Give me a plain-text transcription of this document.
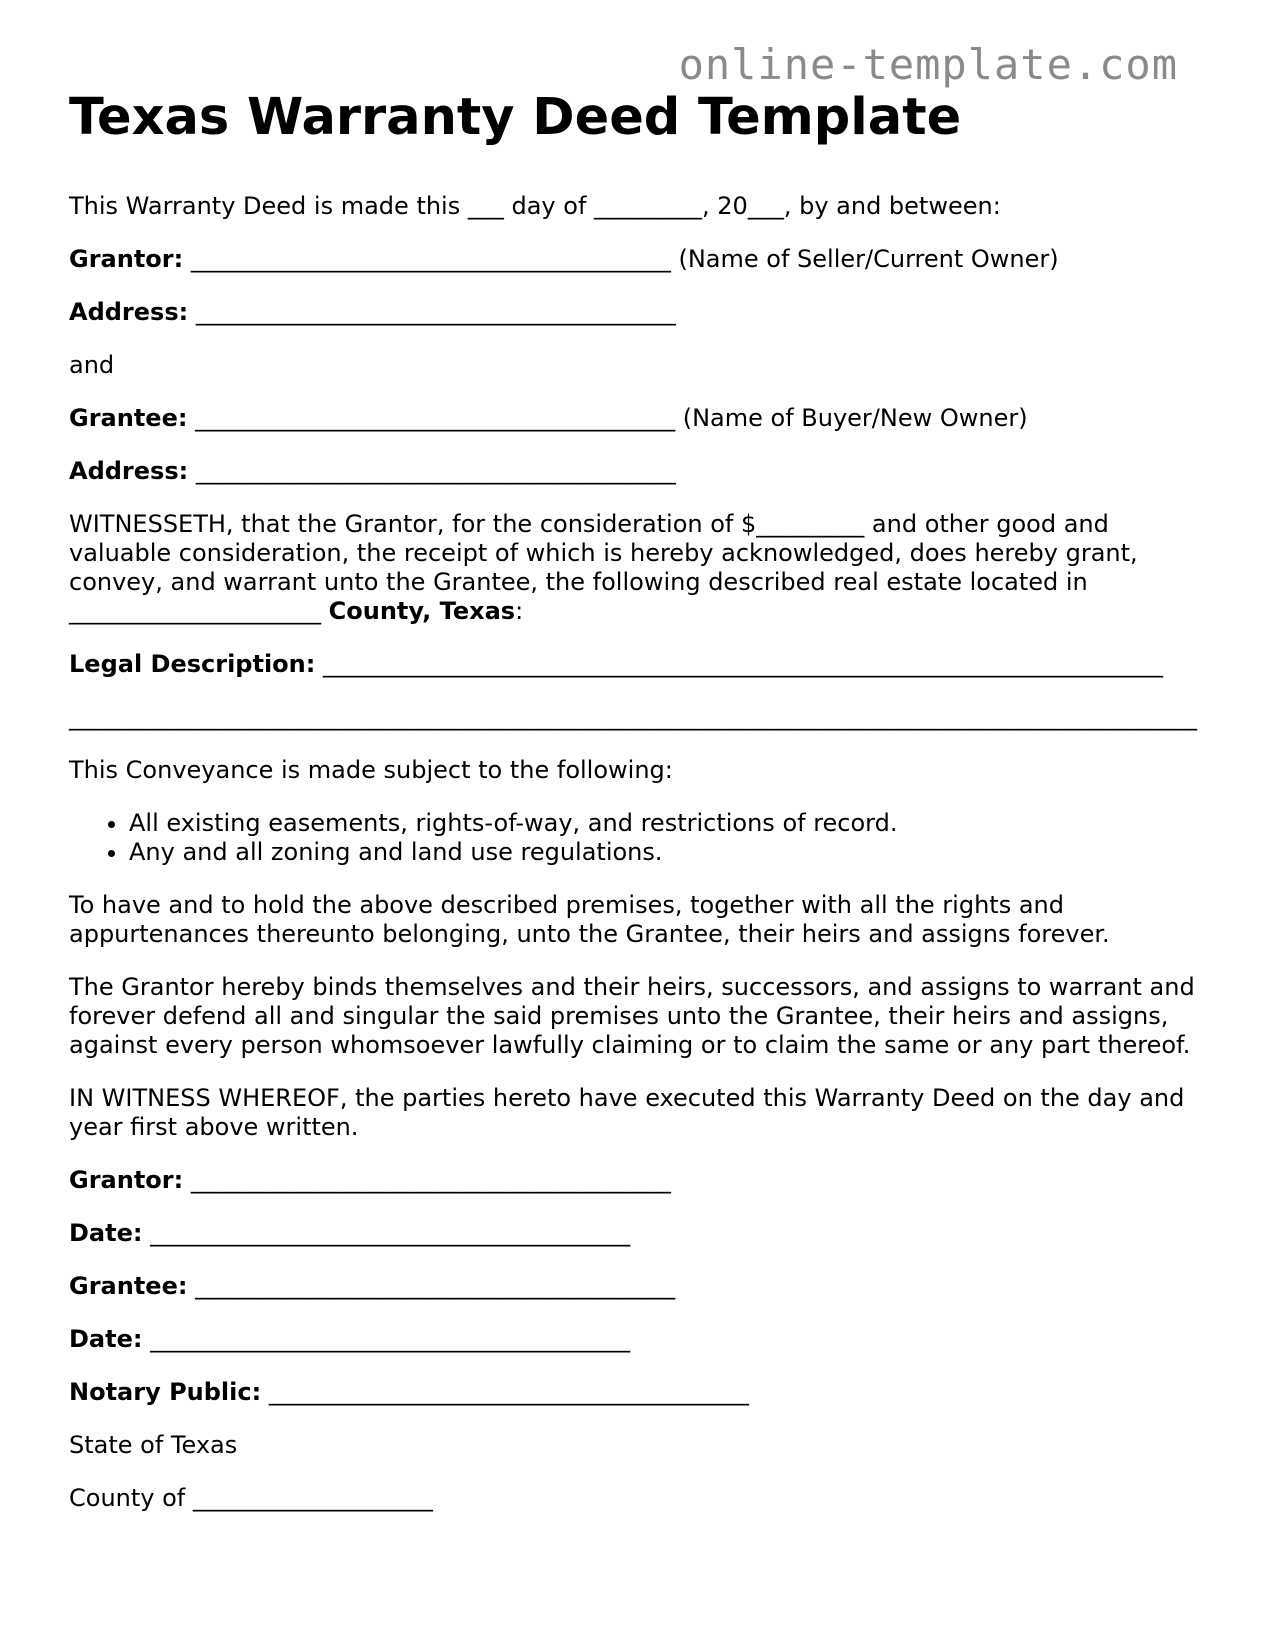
online-template.com
Texas Warranty Deed Template

This Warranty Deed is made this ___ day of _________, 20___, by and between:

Grantor: ________________________________________ (Name of Seller/Current Owner)

Address: ________________________________________

and

Grantee: ________________________________________ (Name of Buyer/New Owner)

Address: ________________________________________

WITNESSETH, that the Grantor, for the consideration of $_________ and other good and valuable consideration, the receipt of which is hereby acknowledged, does hereby grant, convey, and warrant unto the Grantee, the following described real estate located in _____________________ County, Texas:

Legal Description: ______________________________________________________________________

______________________________________________________________________________________________

This Conveyance is made subject to the following:

• All existing easements, rights-of-way, and restrictions of record.
• Any and all zoning and land use regulations.

To have and to hold the above described premises, together with all the rights and appurtenances thereunto belonging, unto the Grantee, their heirs and assigns forever.

The Grantor hereby binds themselves and their heirs, successors, and assigns to warrant and forever defend all and singular the said premises unto the Grantee, their heirs and assigns, against every person whomsoever lawfully claiming or to claim the same or any part thereof.

IN WITNESS WHEREOF, the parties hereto have executed this Warranty Deed on the day and year first above written.

Grantor: ________________________________________

Date: ________________________________________

Grantee: ________________________________________

Date: ________________________________________

Notary Public: ________________________________________

State of Texas

County of ____________________
